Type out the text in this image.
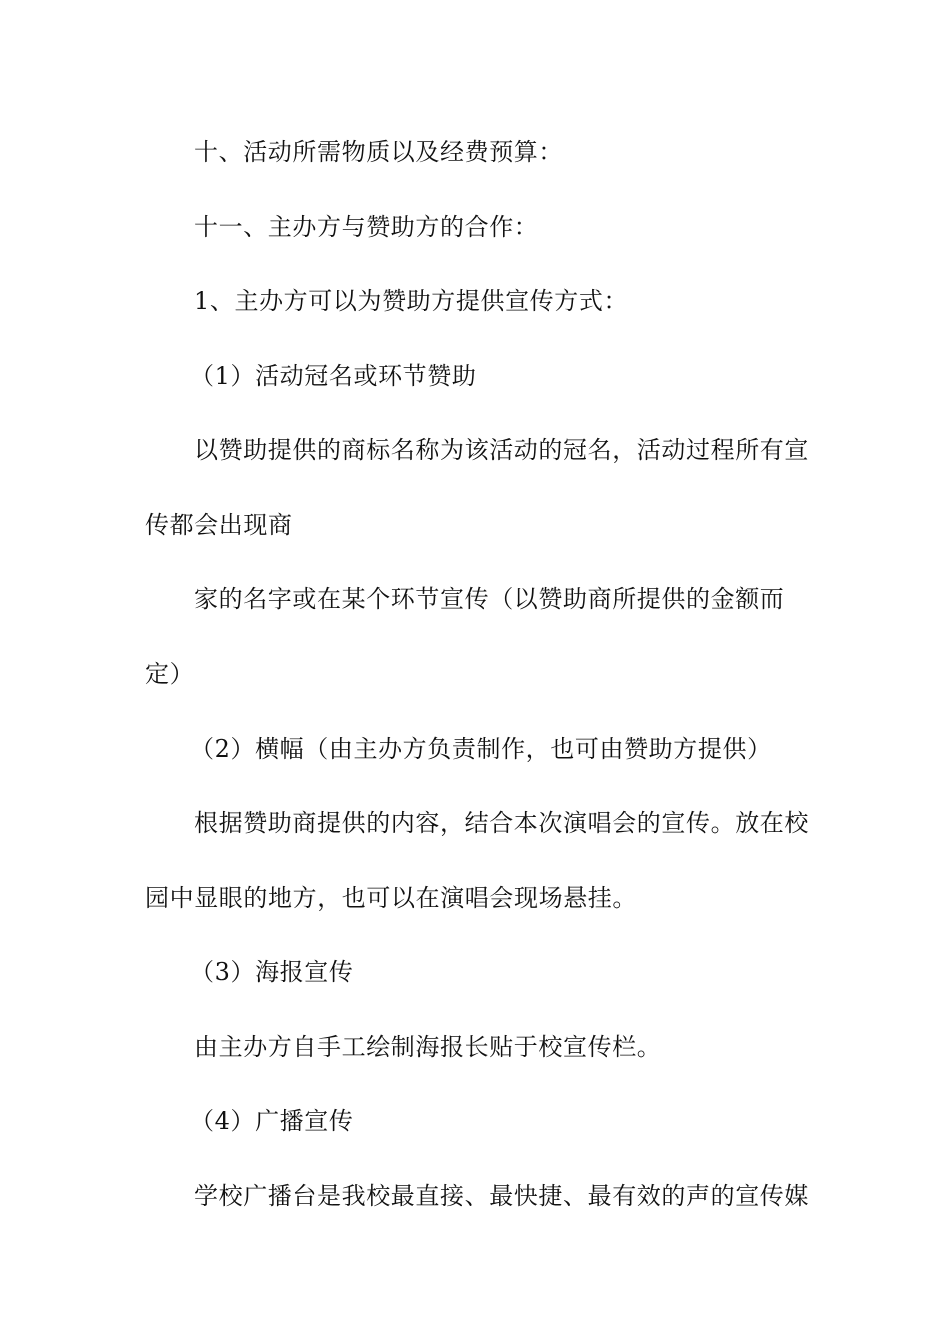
十、活动所需物质以及经费预算：
十一、主办方与赞助方的合作：
1、主办方可以为赞助方提供宣传方式：
（1）活动冠名或环节赞助
以赞助提供的商标名称为该活动的冠名，活动过程所有宣
传都会出现商
家的名字或在某个环节宣传（以赞助商所提供的金额而
定）
（2）横幅（由主办方负责制作，也可由赞助方提供）
根据赞助商提供的内容，结合本次演唱会的宣传。放在校
园中显眼的地方，也可以在演唱会现场悬挂。
（3）海报宣传
由主办方自手工绘制海报长贴于校宣传栏。
（4）广播宣传
学校广播台是我校最直接、最快捷、最有效的声的宣传媒
